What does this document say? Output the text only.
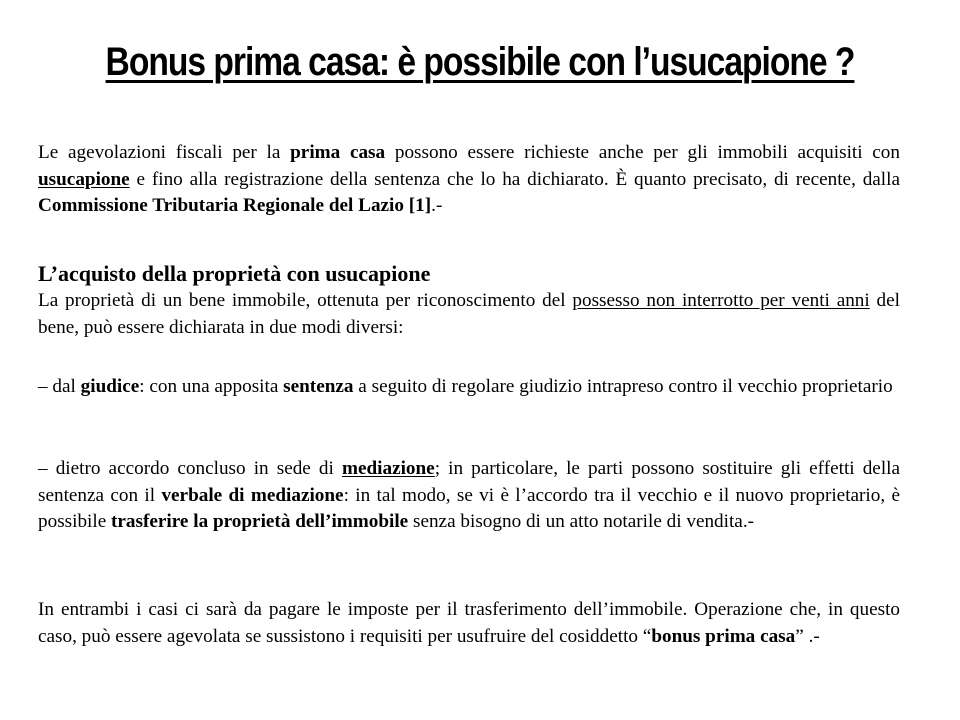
Bonus prima casa: è possibile con l’usucapione ?

Le agevolazioni fiscali per la prima casa possono essere richieste anche per gli immobili acquisiti con usucapione e fino alla registrazione della sentenza che lo ha dichiarato. È quanto precisato, di recente, dalla Commissione Tributaria Regionale del Lazio [1].-

L’acquisto della proprietà con usucapione

La proprietà di un bene immobile, ottenuta per riconoscimento del possesso non interrotto per venti anni del bene, può essere dichiarata in due modi diversi:

– dal giudice: con una apposita sentenza a seguito di regolare giudizio intrapreso contro il vecchio proprietario

– dietro accordo concluso in sede di mediazione; in particolare, le parti possono sostituire gli effetti della sentenza con il verbale di mediazione: in tal modo, se vi è l’accordo tra il vecchio e il nuovo proprietario, è possibile trasferire la proprietà dell’immobile senza bisogno di un atto notarile di vendita.-

In entrambi i casi ci sarà da pagare le imposte per il trasferimento dell’immobile. Operazione che, in questo caso, può essere agevolata se sussistono i requisiti per usufruire del cosiddetto “bonus prima casa” .-
